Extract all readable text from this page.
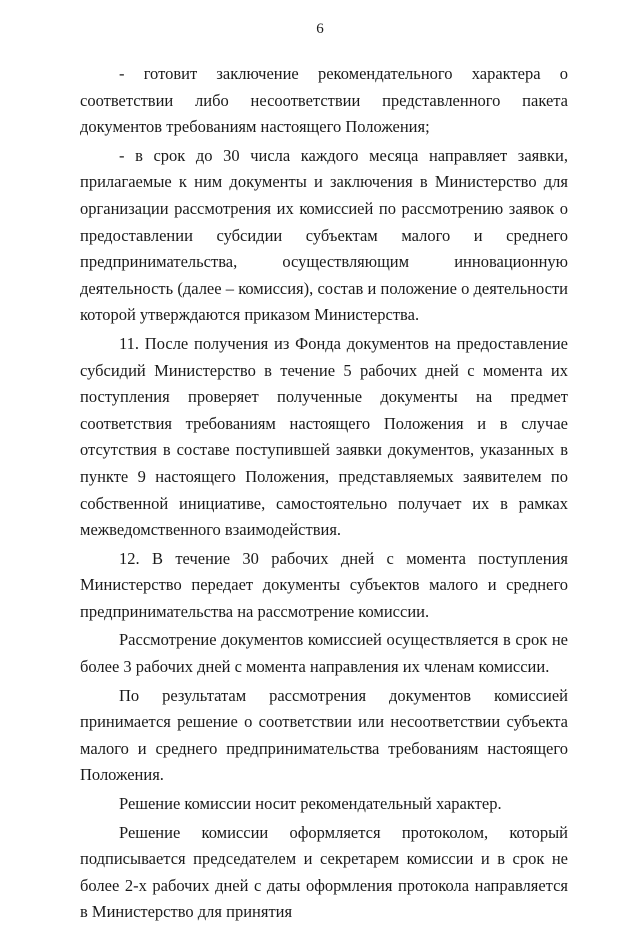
6

- готовит заключение рекомендательного характера о соответствии либо несоответствии представленного пакета документов требованиям настоящего Положения;

- в срок до 30 числа каждого месяца направляет заявки, прилагаемые к ним документы и заключения в Министерство для организации рассмотрения их комиссией по рассмотрению заявок о предоставлении субсидии субъектам малого и среднего предпринимательства, осуществляющим инновационную деятельность (далее – комиссия), состав и положение о деятельности которой утверждаются приказом Министерства.

11. После получения из Фонда документов на предоставление субсидий Министерство в течение 5 рабочих дней с момента их поступления проверяет полученные документы на предмет соответствия требованиям настоящего Положения и в случае отсутствия в составе поступившей заявки документов, указанных в пункте 9 настоящего Положения, представляемых заявителем по собственной инициативе, самостоятельно получает их в рамках межведомственного взаимодействия.

12. В течение 30 рабочих дней с момента поступления Министерство передает документы субъектов малого и среднего предпринимательства на рассмотрение комиссии.

Рассмотрение документов комиссией осуществляется в срок не более 3 рабочих дней с момента направления их членам комиссии.

По результатам рассмотрения документов комиссией принимается решение о соответствии или несоответствии субъекта малого и среднего предпринимательства требованиям настоящего Положения.

Решение комиссии носит рекомендательный характер.

Решение комиссии оформляется протоколом, который подписывается председателем и секретарем комиссии и в срок не более 2-х рабочих дней с даты оформления протокола направляется в Министерство для принятия
